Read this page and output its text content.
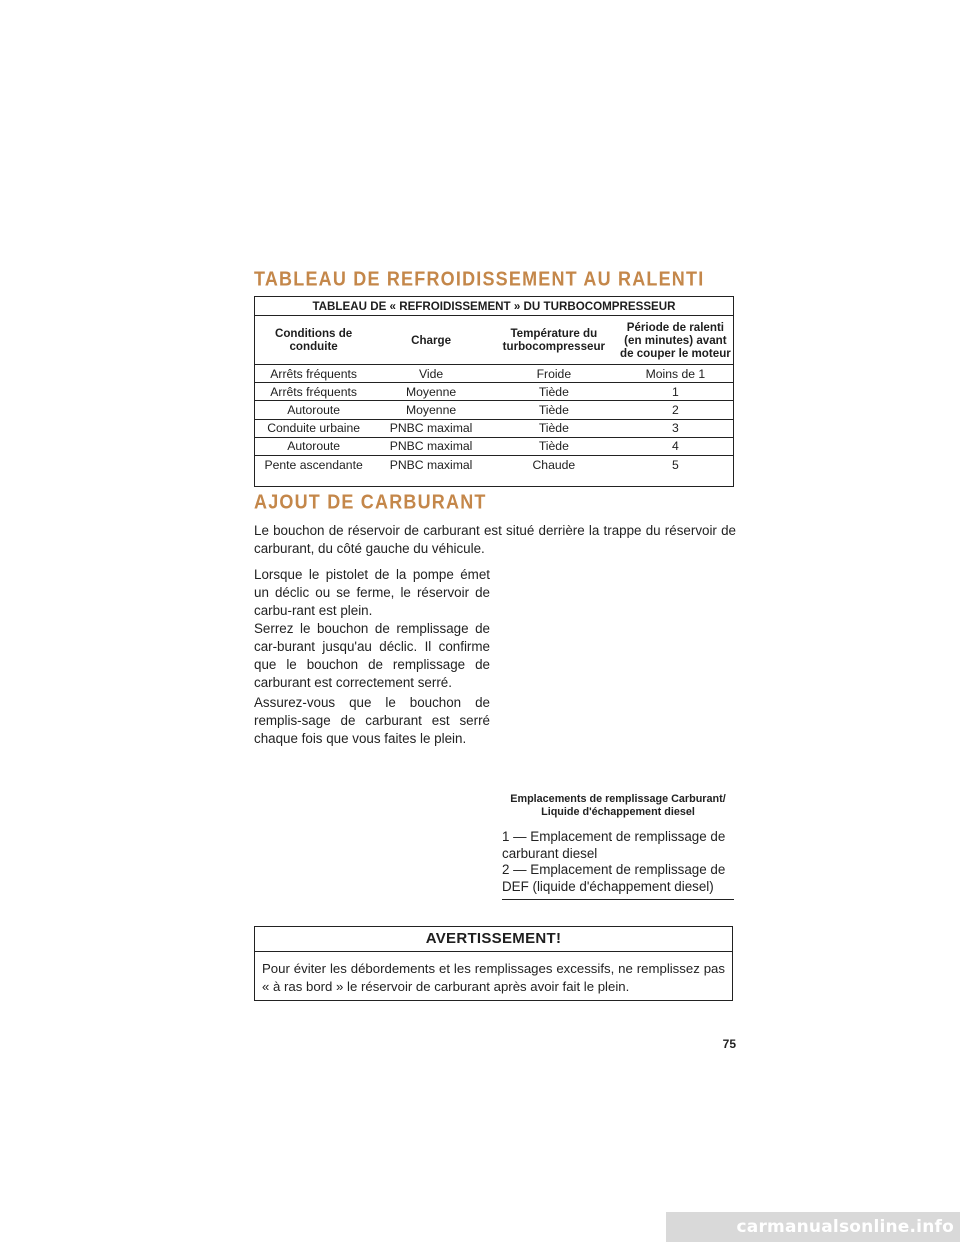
TABLEAU DE REFROIDISSEMENT AU RALENTI
TABLEAU DE « REFROIDISSEMENT » DU TURBOCOMPRESSEUR			
Conditions de conduite	Charge	Température du turbocompresseur	Période de ralenti (en minutes) avant de couper le moteur
Arrêts fréquents	Vide	Froide	Moins de 1
Arrêts fréquents	Moyenne	Tiède	1
Autoroute	Moyenne	Tiède	2
Conduite urbaine	PNBC maximal	Tiède	3
Autoroute	PNBC maximal	Tiède	4
Pente ascendante	PNBC maximal	Chaude	5
AJOUT DE CARBURANT

Le bouchon de réservoir de carburant est situé derrière la trappe du réservoir de carburant, du côté gauche du véhicule.

Lorsque le pistolet de la pompe émet un déclic ou se ferme, le réservoir de carbu-rant est plein.

Serrez le bouchon de remplissage de car-burant jusqu'au déclic. Il confirme que le bouchon de remplissage de carburant est correctement serré.

Assurez-vous que le bouchon de remplis-sage de carburant est serré chaque fois que vous faites le plein.

Emplacements de remplissage Carburant/ Liquide d'échappement diesel
1 — Emplacement de remplissage de carburant diesel
2 — Emplacement de remplissage de DEF (liquide d'échappement diesel)
AVERTISSEMENT!
Pour éviter les débordements et les remplissages excessifs, ne remplissez pas « à ras bord » le réservoir de carburant après avoir fait le plein.
75
carmanualsonline.info
